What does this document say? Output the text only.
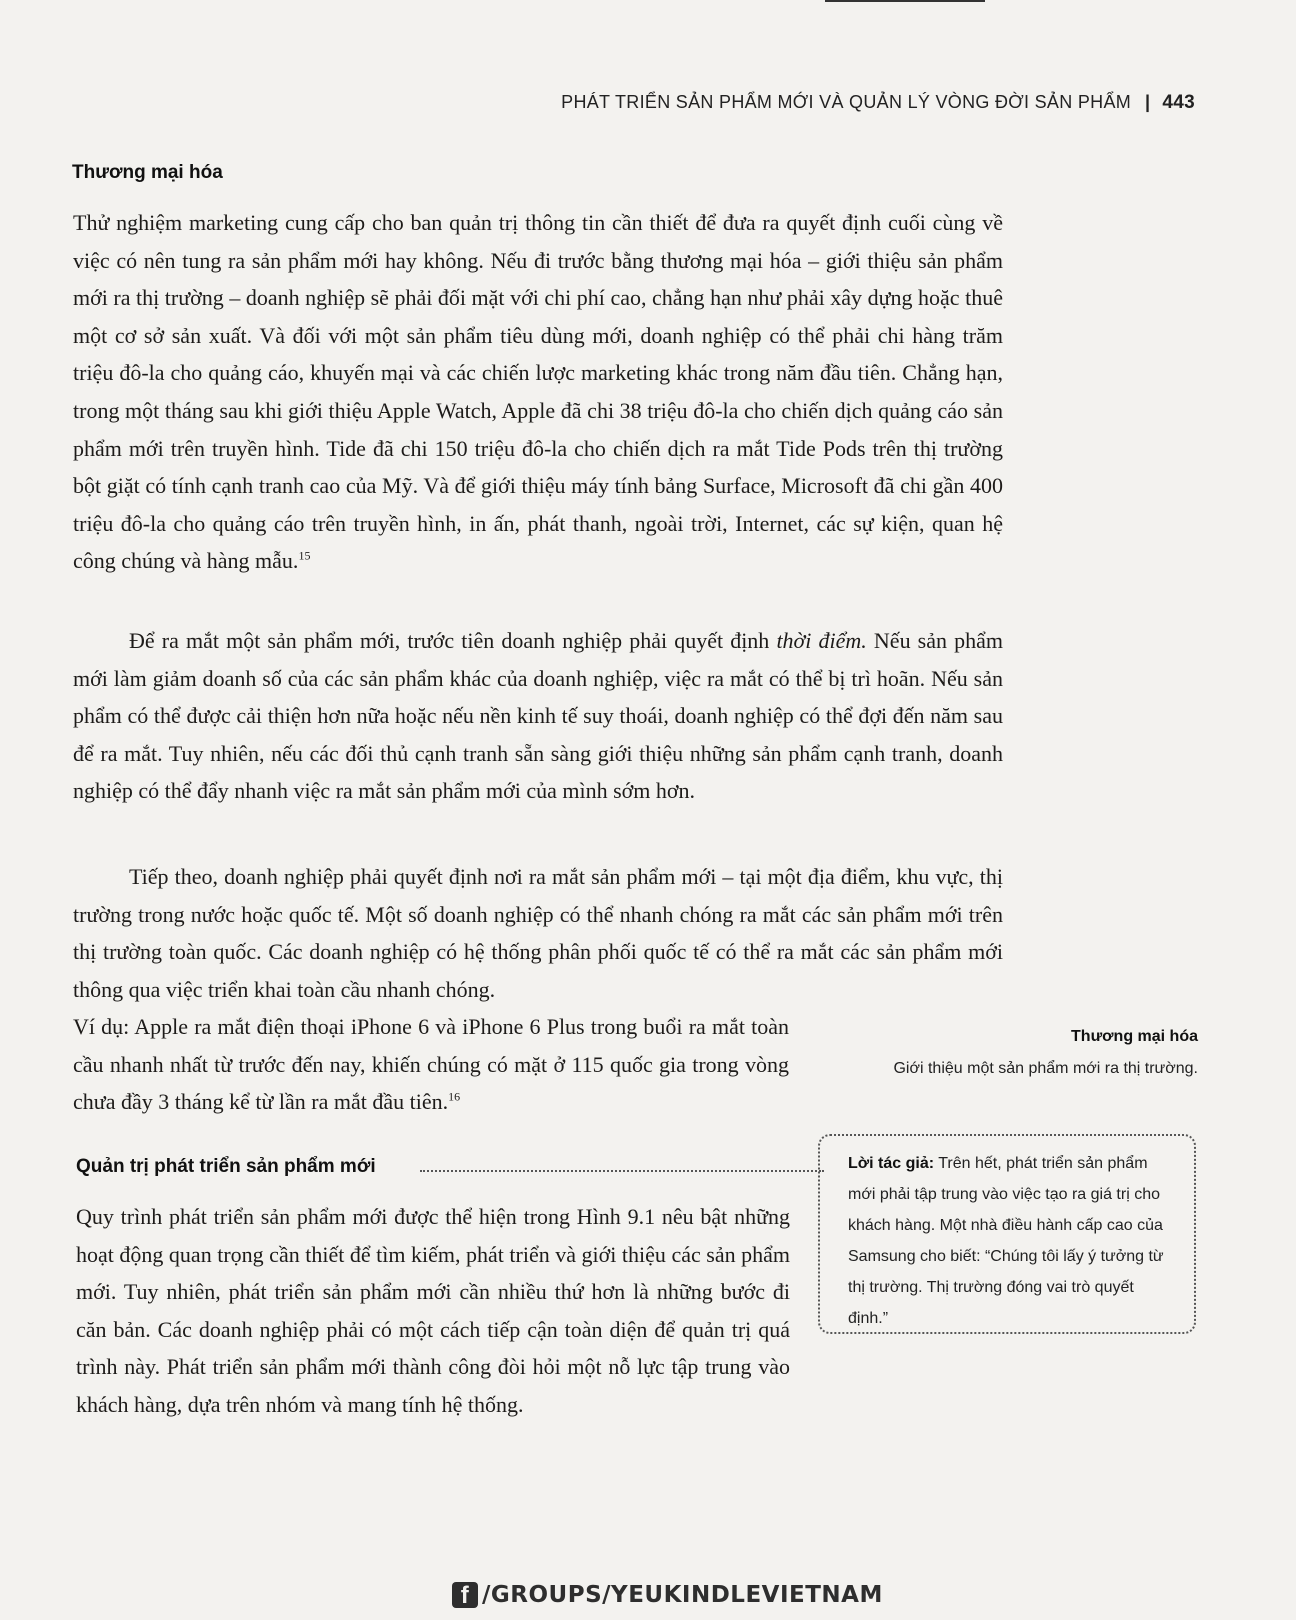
PHÁT TRIỂN SẢN PHẨM MỚI VÀ QUẢN LÝ VÒNG ĐỜI SẢN PHẨM | 443
Thương mại hóa

Thử nghiệm marketing cung cấp cho ban quản trị thông tin cần thiết để đưa ra quyết định cuối cùng về việc có nên tung ra sản phẩm mới hay không. Nếu đi trước bằng thương mại hóa – giới thiệu sản phẩm mới ra thị trường – doanh nghiệp sẽ phải đối mặt với chi phí cao, chẳng hạn như phải xây dựng hoặc thuê một cơ sở sản xuất. Và đối với một sản phẩm tiêu dùng mới, doanh nghiệp có thể phải chi hàng trăm triệu đô-la cho quảng cáo, khuyến mại và các chiến lược marketing khác trong năm đầu tiên. Chẳng hạn, trong một tháng sau khi giới thiệu Apple Watch, Apple đã chi 38 triệu đô-la cho chiến dịch quảng cáo sản phẩm mới trên truyền hình. Tide đã chi 150 triệu đô-la cho chiến dịch ra mắt Tide Pods trên thị trường bột giặt có tính cạnh tranh cao của Mỹ. Và để giới thiệu máy tính bảng Surface, Microsoft đã chi gần 400 triệu đô-la cho quảng cáo trên truyền hình, in ấn, phát thanh, ngoài trời, Internet, các sự kiện, quan hệ công chúng và hàng mẫu.$^{15}$

Để ra mắt một sản phẩm mới, trước tiên doanh nghiệp phải quyết định thời điểm. Nếu sản phẩm mới làm giảm doanh số của các sản phẩm khác của doanh nghiệp, việc ra mắt có thể bị trì hoãn. Nếu sản phẩm có thể được cải thiện hơn nữa hoặc nếu nền kinh tế suy thoái, doanh nghiệp có thể đợi đến năm sau để ra mắt. Tuy nhiên, nếu các đối thủ cạnh tranh sẵn sàng giới thiệu những sản phẩm cạnh tranh, doanh nghiệp có thể đẩy nhanh việc ra mắt sản phẩm mới của mình sớm hơn.

Tiếp theo, doanh nghiệp phải quyết định nơi ra mắt sản phẩm mới – tại một địa điểm, khu vực, thị trường trong nước hoặc quốc tế. Một số doanh nghiệp có thể nhanh chóng ra mắt các sản phẩm mới trên thị trường toàn quốc. Các doanh nghiệp có hệ thống phân phối quốc tế có thể ra mắt các sản phẩm mới thông qua việc triển khai toàn cầu nhanh chóng.

Ví dụ: Apple ra mắt điện thoại iPhone 6 và iPhone 6 Plus trong buổi ra mắt toàn cầu nhanh nhất từ trước đến nay, khiến chúng có mặt ở 115 quốc gia trong vòng chưa đầy 3 tháng kể từ lần ra mắt đầu tiên.$^{16}$

Thương mại hóa
Giới thiệu một sản phẩm mới ra thị trường.
Quản trị phát triển sản phẩm mới

Quy trình phát triển sản phẩm mới được thể hiện trong Hình 9.1 nêu bật những hoạt động quan trọng cần thiết để tìm kiếm, phát triển và giới thiệu các sản phẩm mới. Tuy nhiên, phát triển sản phẩm mới cần nhiều thứ hơn là những bước đi căn bản. Các doanh nghiệp phải có một cách tiếp cận toàn diện để quản trị quá trình này. Phát triển sản phẩm mới thành công đòi hỏi một nỗ lực tập trung vào khách hàng, dựa trên nhóm và mang tính hệ thống.

Lời tác giả: Trên hết, phát triển sản phẩm mới phải tập trung vào việc tạo ra giá trị cho khách hàng. Một nhà điều hành cấp cao của Samsung cho biết: “Chúng tôi lấy ý tưởng từ thị trường. Thị trường đóng vai trò quyết định.”
f /GROUPS/YEUKINDLEVIETNAM
